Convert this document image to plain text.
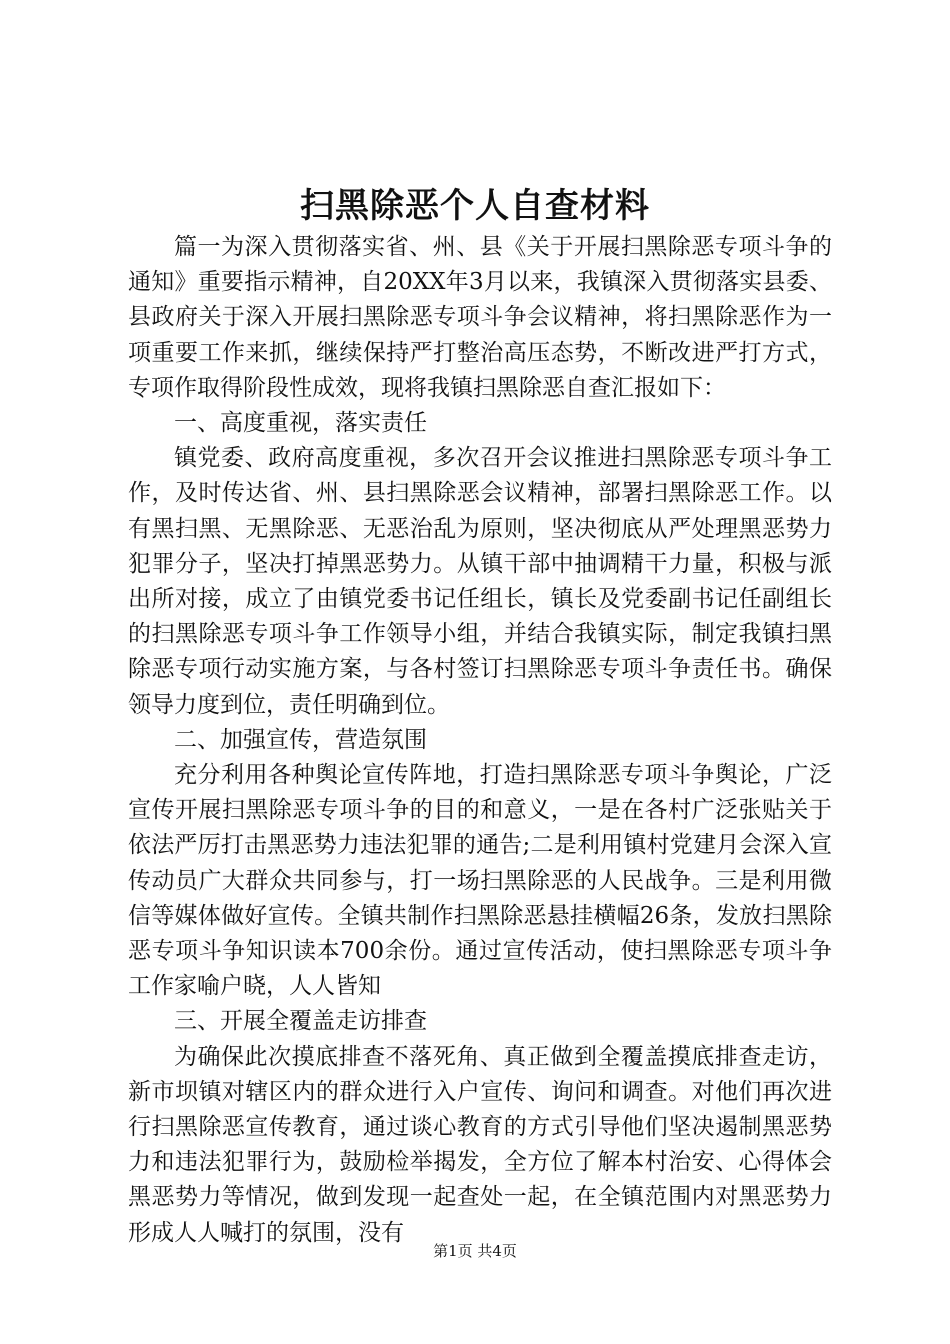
扫黑除恶个人自查材料

篇一为深入贯彻落实省、州、县《关于开展扫黑除恶专项斗争的通知》重要指示精神，自20XX年3月以来，我镇深入贯彻落实县委、县政府关于深入开展扫黑除恶专项斗争会议精神，将扫黑除恶作为一项重要工作来抓，继续保持严打整治高压态势，不断改进严打方式，专项作取得阶段性成效，现将我镇扫黑除恶自查汇报如下：

一、高度重视，落实责任

镇党委、政府高度重视，多次召开会议推进扫黑除恶专项斗争工作，及时传达省、州、县扫黑除恶会议精神，部署扫黑除恶工作。以有黑扫黑、无黑除恶、无恶治乱为原则，坚决彻底从严处理黑恶势力犯罪分子，坚决打掉黑恶势力。从镇干部中抽调精干力量，积极与派出所对接，成立了由镇党委书记任组长，镇长及党委副书记任副组长的扫黑除恶专项斗争工作领导小组，并结合我镇实际，制定我镇扫黑除恶专项行动实施方案，与各村签订扫黑除恶专项斗争责任书。确保领导力度到位，责任明确到位。

二、加强宣传，营造氛围

充分利用各种舆论宣传阵地，打造扫黑除恶专项斗争舆论，广泛宣传开展扫黑除恶专项斗争的目的和意义，一是在各村广泛张贴关于依法严厉打击黑恶势力违法犯罪的通告;二是利用镇村党建月会深入宣传动员广大群众共同参与，打一场扫黑除恶的人民战争。三是利用微信等媒体做好宣传。全镇共制作扫黑除恶悬挂横幅26条，发放扫黑除恶专项斗争知识读本700余份。通过宣传活动，使扫黑除恶专项斗争工作家喻户晓，人人皆知

三、开展全覆盖走访排查

为确保此次摸底排查不落死角、真正做到全覆盖摸底排查走访，新市坝镇对辖区内的群众进行入户宣传、询问和调查。对他们再次进行扫黑除恶宣传教育，通过谈心教育的方式引导他们坚决遏制黑恶势力和违法犯罪行为，鼓励检举揭发，全方位了解本村治安、心得体会黑恶势力等情况，做到发现一起查处一起，在全镇范围内对黑恶势力形成人人喊打的氛围，没有

第1页 共4页
